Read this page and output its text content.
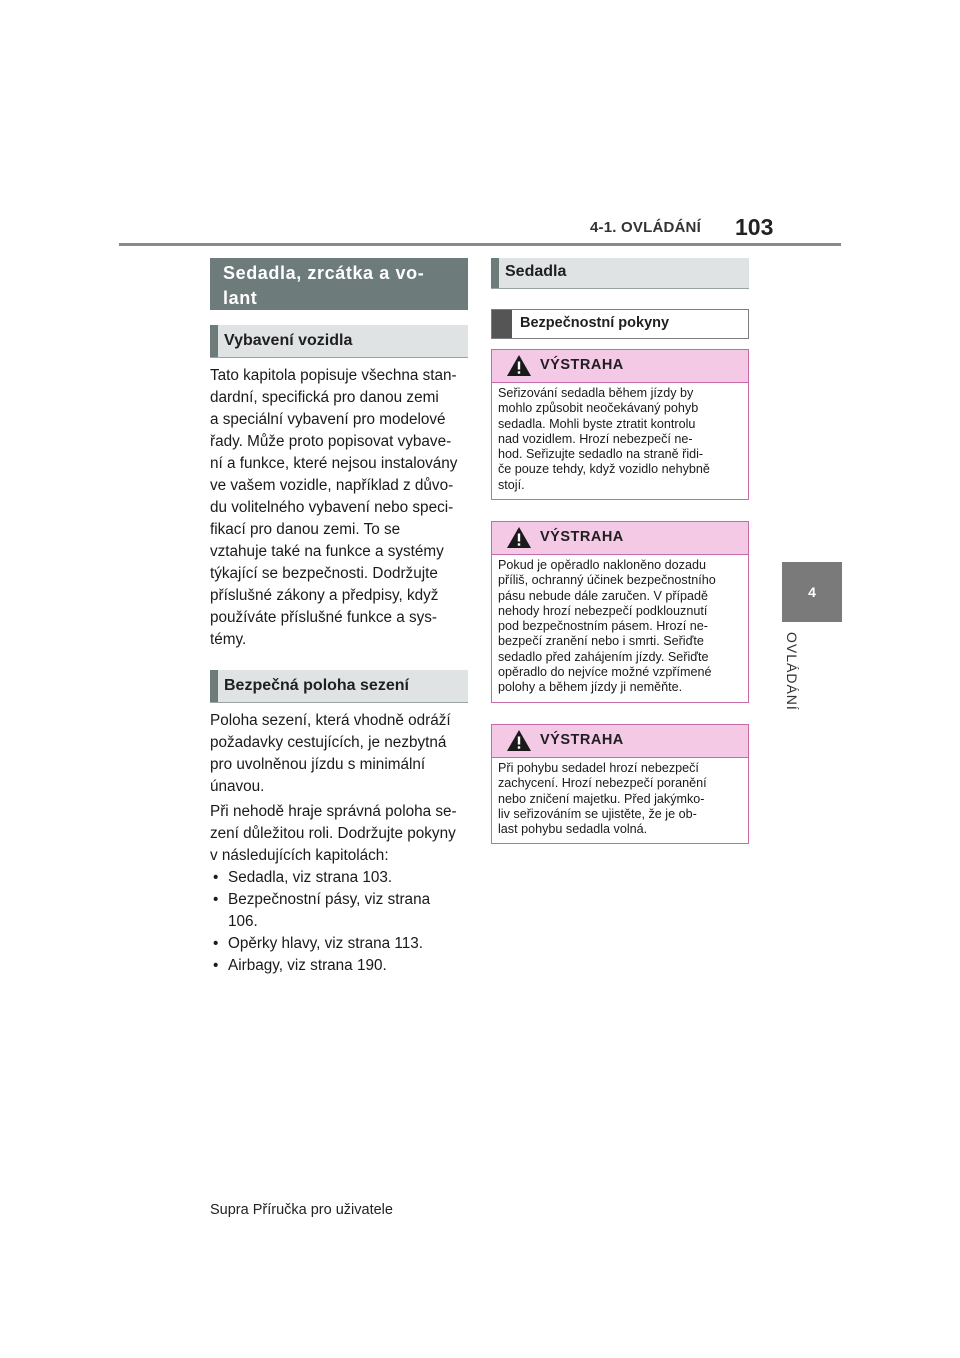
4-1. OVLÁDÁNÍ 103
4
OVLÁDÁNÍ
Sedadla, zrcátka a vo-
lant
Vybavení vozidla

Tato kapitola popisuje všechna stan-

dardní, specifická pro danou zemi

a speciální vybavení pro modelové

řady. Může proto popisovat vybave-

ní a funkce, které nejsou instalovány

ve vašem vozidle, například z důvo-

du volitelného vybavení nebo speci-

fikací pro danou zemi. To se

vztahuje také na funkce a systémy

týkající se bezpečnosti. Dodržujte

příslušné zákony a předpisy, když

používáte příslušné funkce a sys-

témy.

Bezpečná poloha sezení

Poloha sezení, která vhodně odráží

požadavky cestujících, je nezbytná

pro uvolněnou jízdu s minimální

únavou.

Při nehodě hraje správná poloha se-

zení důležitou roli. Dodržujte pokyny

v následujících kapitolách:

• Sedadla, viz strana 103.
• Bezpečnostní pásy, viz strana
106.
• Opěrky hlavy, viz strana 113.
• Airbagy, viz strana 190.
Sedadla
Bezpečnostní pokyny
VÝSTRAHA

Seřizování sedadla během jízdy by

mohlo způsobit neočekávaný pohyb

sedadla. Mohli byste ztratit kontrolu

nad vozidlem. Hrozí nebezpečí ne-

hod. Seřizujte sedadlo na straně řidi-

če pouze tehdy, když vozidlo nehybně

stojí.

VÝSTRAHA

Pokud je opěradlo nakloněno dozadu

příliš, ochranný účinek bezpečnostního

pásu nebude dále zaručen. V případě

nehody hrozí nebezpečí podklouznutí

pod bezpečnostním pásem. Hrozí ne-

bezpečí zranění nebo i smrti. Seřiďte

sedadlo před zahájením jízdy. Seřiďte

opěradlo do nejvíce možné vzpřímené

polohy a během jízdy ji neměňte.

VÝSTRAHA

Při pohybu sedadel hrozí nebezpečí

zachycení. Hrozí nebezpečí poranění

nebo zničení majetku. Před jakýmko-

liv seřizováním se ujistěte, že je ob-

last pohybu sedadla volná.

Supra Příručka pro uživatele
